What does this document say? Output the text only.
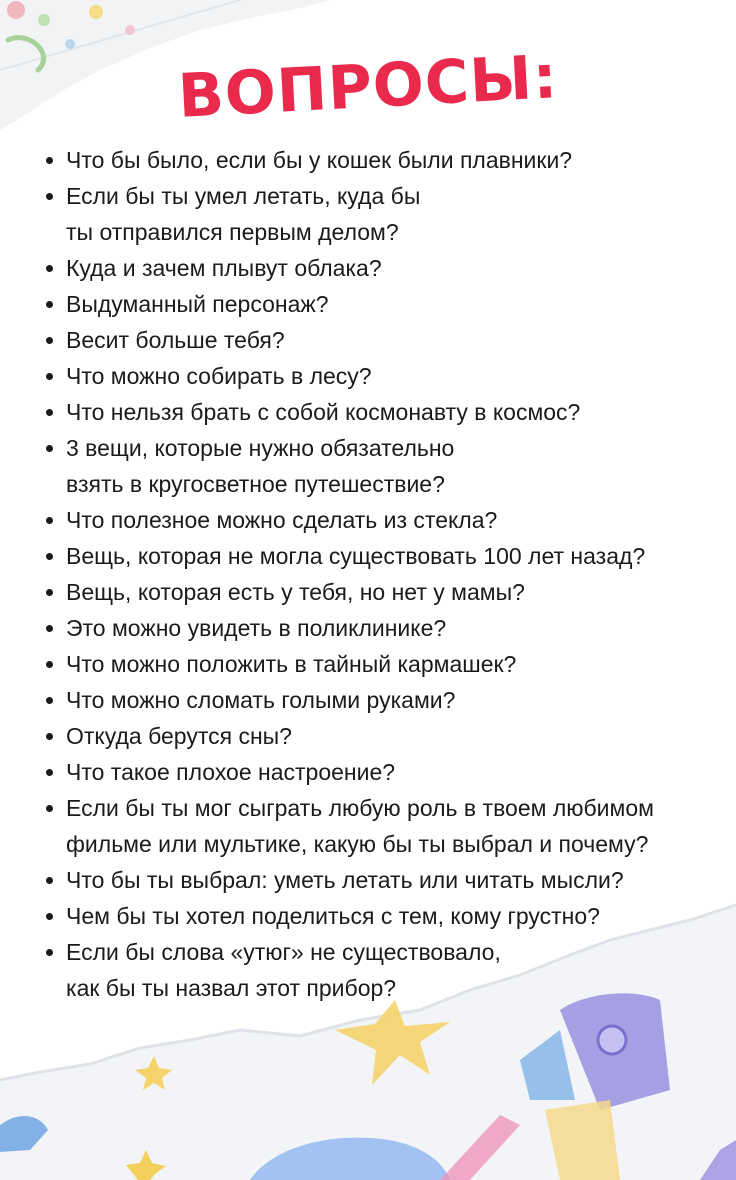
ВОПРОСЫ:
Что бы было, если бы у кошек были плавники?
Если бы ты умел летать, куда бы
ты отправился первым делом?
Куда и зачем плывут облака?
Выдуманный персонаж?
Весит больше тебя?
Что можно собирать в лесу?
Что нельзя брать с собой космонавту в космос?
3 вещи, которые нужно обязательно
взять в кругосветное путешествие?
Что полезное можно сделать из стекла?
Вещь, которая не могла существовать 100 лет назад?
Вещь, которая есть у тебя, но нет у мамы?
Это можно увидеть в поликлинике?
Что можно положить в тайный кармашек?
Что можно сломать голыми руками?
Откуда берутся сны?
Что такое плохое настроение?
Если бы ты мог сыграть любую роль в твоем любимом
фильме или мультике, какую бы ты выбрал и почему?
Что бы ты выбрал: уметь летать или читать мысли?
Чем бы ты хотел поделиться с тем, кому грустно?
Если бы слова «утюг» не существовало,
как бы ты назвал этот прибор?
